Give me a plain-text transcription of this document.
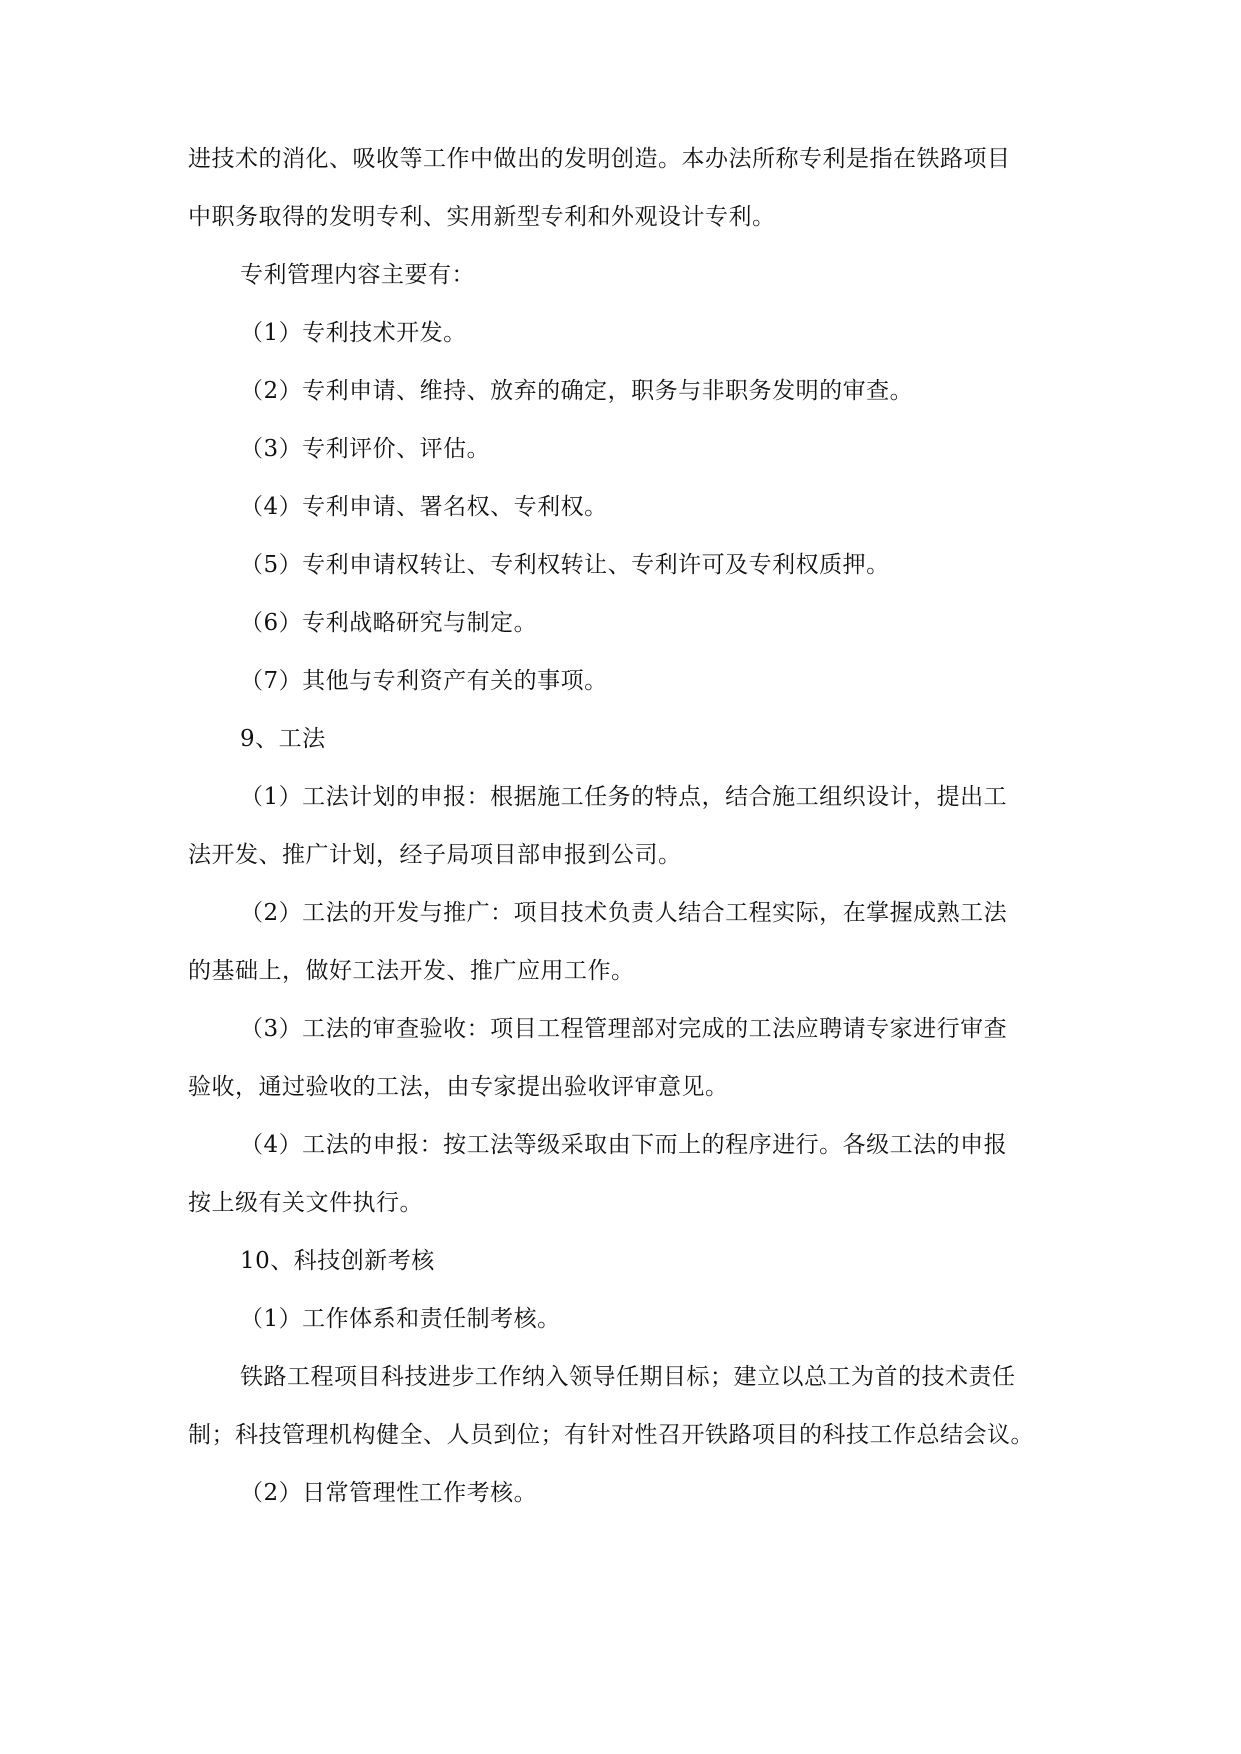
进技术的消化、吸收等工作中做出的发明创造。本办法所称专利是指在铁路项目
中职务取得的发明专利、实用新型专利和外观设计专利。
专利管理内容主要有：
（1）专利技术开发。
（2）专利申请、维持、放弃的确定，职务与非职务发明的审查。
（3）专利评价、评估。
（4）专利申请、署名权、专利权。
（5）专利申请权转让、专利权转让、专利许可及专利权质押。
（6）专利战略研究与制定。
（7）其他与专利资产有关的事项。
9、工法
（1）工法计划的申报：根据施工任务的特点，结合施工组织设计，提出工
法开发、推广计划，经子局项目部申报到公司。
（2）工法的开发与推广：项目技术负责人结合工程实际，在掌握成熟工法
的基础上，做好工法开发、推广应用工作。
（3）工法的审查验收：项目工程管理部对完成的工法应聘请专家进行审查
验收，通过验收的工法，由专家提出验收评审意见。
（4）工法的申报：按工法等级采取由下而上的程序进行。各级工法的申报
按上级有关文件执行。
10、科技创新考核
（1）工作体系和责任制考核。
铁路工程项目科技进步工作纳入领导任期目标；建立以总工为首的技术责任
制；科技管理机构健全、人员到位；有针对性召开铁路项目的科技工作总结会议。
（2）日常管理性工作考核。
